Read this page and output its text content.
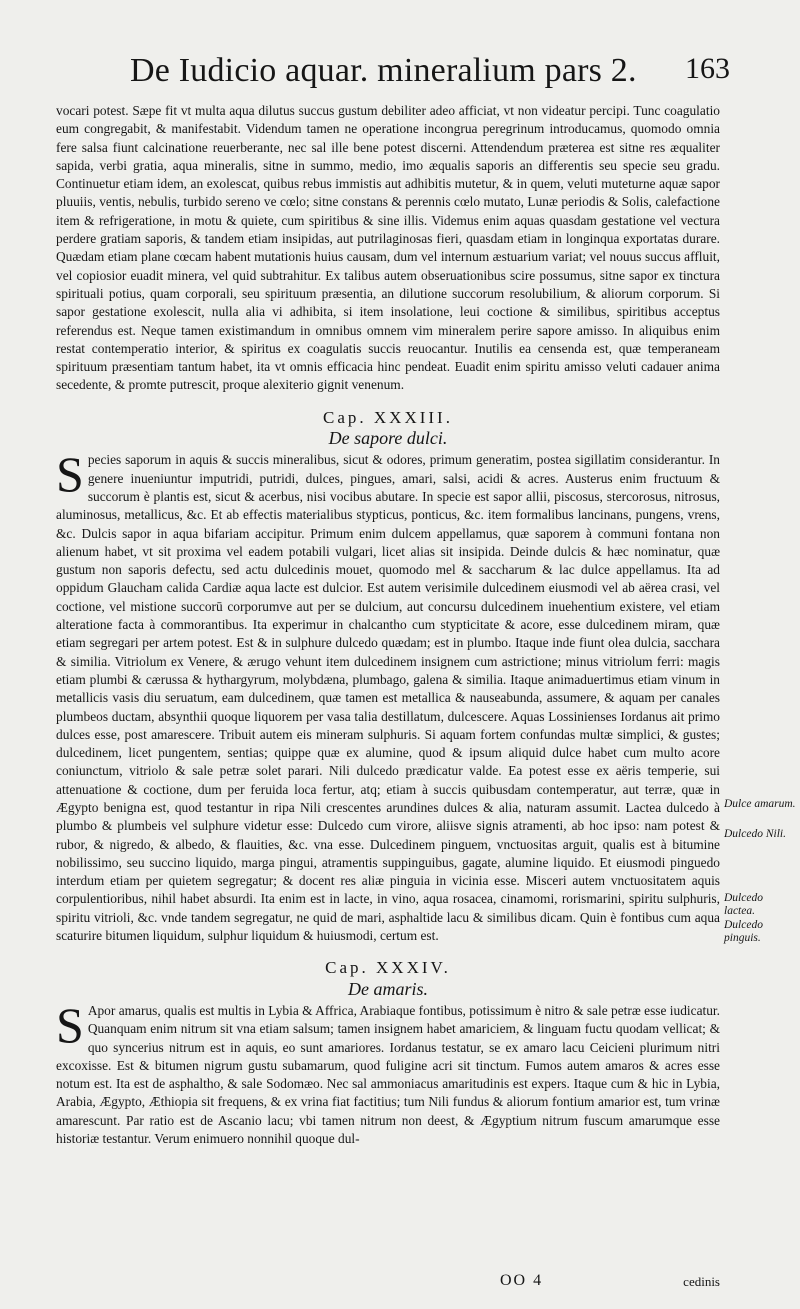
De Iudicio aquar. mineralium pars 2. 163

vocari potest. Sæpe fit vt multa aqua dilutus succus gustum debiliter adeo afficiat, vt non videatur percipi. Tunc coagulatio eum congregabit, & manifestabit. Videndum tamen ne operatione incongrua peregrinum introducamus, quomodo omnia fere salsa fiunt calcinatione reuerberante, nec sal ille bene potest discerni. Attendendum præterea est sitne res æqualiter sapida, verbi gratia, aqua mineralis, sitne in summo, medio, imo æqualis saporis an differentis seu specie seu gradu. Continuetur etiam idem, an exolescat, quibus rebus immistis aut adhibitis mutetur, & in quem, veluti muteturne aquæ sapor pluuiis, ventis, nebulis, turbido sereno ve cœlo; sitne constans & perennis cœlo mutato, Lunæ periodis & Solis, calefactione item & refrigeratione, in motu & quiete, cum spiritibus & sine illis. Videmus enim aquas quasdam gestatione vel vectura perdere gratiam saporis, & tandem etiam insipidas, aut putrilaginosas fieri, quasdam etiam in longinqua exportatas durare. Quædam etiam plane cœcam habent mutationis huius causam, dum vel internum æstuarium variat; vel nouus succus affluit, vel copiosior euadit minera, vel quid subtrahitur. Ex talibus autem obseruationibus scire possumus, sitne sapor ex tinctura spirituali potius, quam corporali, seu spirituum præsentia, an dilutione succorum resolubilium, & aliorum corporum. Si sapor gestatione exolescit, nulla alia vi adhibita, si item insolatione, leui coctione & similibus, spiritibus acceptus referendus est. Neque tamen existimandum in omnibus omnem vim mineralem perire sapore amisso. In aliquibus enim restat contemperatio interior, & spiritus ex coagulatis succis reuocantur. Inutilis ea censenda est, quæ temperaneam spirituum præsentiam tantum habet, ita vt omnis efficacia hinc pendeat. Euadit enim spiritu amisso veluti cadauer anima secedente, & promte putrescit, proque alexiterio gignit venenum.

Cap. XXXIII.
De sapore dulci.

Species saporum in aquis & succis mineralibus, sicut & odores, primum generatim, postea sigillatim considerantur. In genere inueniuntur imputridi, putridi, dulces, pingues, amari, salsi, acidi & acres. Austerus enim fructuum & succorum è plantis est, sicut & acerbus, nisi vocibus abutare. In specie est sapor allii, piscosus, stercorosus, nitrosus, aluminosus, metallicus, &c. Et ab effectis materialibus stypticus, ponticus, &c. item formalibus lancinans, pungens, vrens, &c. Dulcis sapor in aqua bifariam accipitur. Primum enim dulcem appellamus, quæ saporem à communi fontana non alienum habet, vt sit proxima vel eadem potabili vulgari, licet alias sit insipida. Deinde dulcis & hæc nominatur, quæ gustum non saporis defectu, sed actu dulcedinis mouet, quomodo mel & saccharum & lac dulce appellamus. Ita ad oppidum Glaucham calida Cardiæ aqua lacte est dulcior. Est autem verisimile dulcedinem eiusmodi vel ab aërea crasi, vel coctione, vel mistione succorū corporumve aut per se dulcium, aut concursu dulcedinem inuehentium existere, vel etiam alteratione facta à commorantibus. Ita experimur in chalcantho cum stypticitate & acore, esse dulcedinem miram, quæ etiam segregari per artem potest. Est & in sulphure dulcedo quædam; est in plumbo. Itaque inde fiunt olea dulcia, sacchara & similia. Vitriolum ex Venere, & ærugo vehunt item dulcedinem insignem cum astrictione; minus vitriolum ferri: magis etiam plumbi & cærussa & hythargyrum, molybdæna, plumbago, galena & similia. Itaque animaduertimus etiam vinum in metallicis vasis diu seruatum, eam dulcedinem, quæ tamen est metallica & nauseabunda, assumere, & aquam per canales plumbeos ductam, absynthii quoque liquorem per vasa talia destillatum, dulcescere. Aquas Lossinienses Iordanus ait primo dulces esse, post amarescere. Tribuit autem eis mineram sulphuris. Si aquam fortem confundas multæ simplici, & gustes; dulcedinem, licet pungentem, sentias; quippe quæ ex alumine, quod & ipsum aliquid dulce habet cum multo acore coniunctum, vitriolo & sale petræ solet parari. Nili dulcedo prædicatur valde. Ea potest esse ex aëris temperie, sui attenuatione & coctione, dum per feruida loca fertur, atq; etiam à succis quibusdam contemperatur, aut terræ, quæ in Ægypto benigna est, quod testantur in ripa Nili crescentes arundines dulces & alia, naturam assumit. Lactea dulcedo à plumbo & plumbeis vel sulphure videtur esse: Dulcedo cum virore, aliisve signis atramenti, ab hoc ipso: nam potest & rubor, & nigredo, & albedo, & flauities, &c. vna esse. Dulcedinem pinguem, vnctuositas arguit, qualis est à bitumine nobilissimo, seu succino liquido, marga pingui, atramentis suppinguibus, gagate, alumine liquido. Et eiusmodi pinguedo interdum etiam per quietem segregatur; & docent res aliæ pinguia in vicinia esse. Misceri autem vnctuositatem aquis corpulentioribus, nihil habet absurdi. Ita enim est in lacte, in vino, aqua rosacea, cinamomi, rorismarini, spiritu sulphuris, spiritu vitrioli, &c. vnde tandem segregatur, ne quid de mari, asphaltide lacu & similibus dicam. Quin è fontibus cum aqua scaturire bitumen liquidum, sulphur liquidum & huiusmodi, certum est.

Cap. XXXIV.
De amaris.

S Apor amarus, qualis est multis in Lybia & Affrica, Arabiaque fontibus, potissimum è nitro & sale petræ esse iudicatur. Quanquam enim nitrum sit vna etiam salsum; tamen insignem habet amariciem, & linguam fuctu quodam vellicat; & quo syncerius nitrum est in aquis, eo sunt amariores. Iordanus testatur, se ex amaro lacu Ceicieni plurimum nitri excoxisse. Est & bitumen nigrum gustu subamarum, quod fuligine acri sit tinctum. Fumos autem amaros & acres esse notum est. Ita est de asphaltho, & sale Sodomæo. Nec sal ammoniacus amaritudinis est expers. Itaque cum & hic in Lybia, Arabia, Ægypto, Æthiopia sit frequens, & ex vrina fiat factitius; tum Nili fundus & aliorum fontium amarior est, tum vrinæ amarescunt. Par ratio est de Ascanio lacu; vbi tamen nitrum non deest, & Ægyptium nitrum fuscum amarumque esse historiæ testantur. Verum enimuero nonnihil quoque dul-

Dulce amarum.
Dulcedo Nili.
Dulcedo lactea.
Dulcedo pinguis.
OO 4	cedinis
